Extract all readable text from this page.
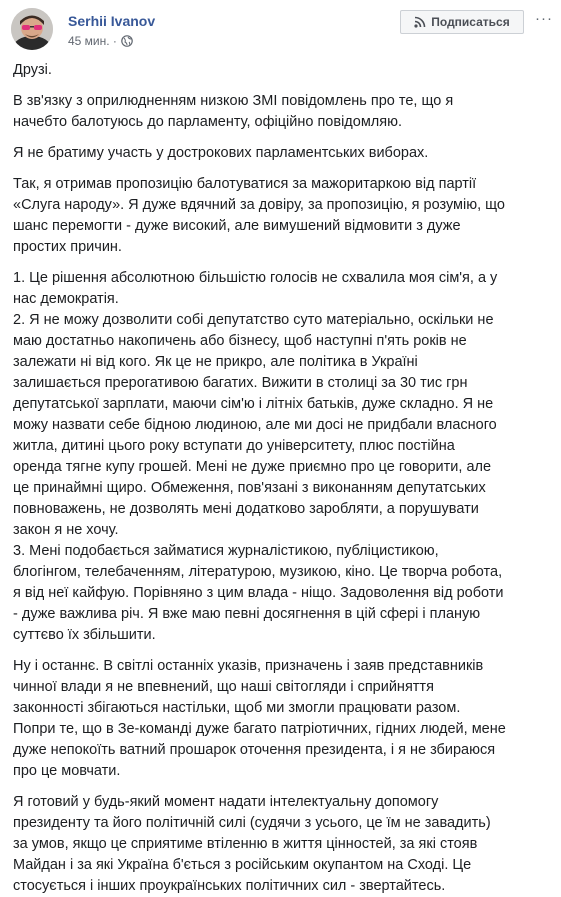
Serhii Ivanov
45 мин. ·
Подписаться ···

Друзі.

В зв'язку з оприлюдненням низкою ЗМІ повідомлень про те, що я

начебто балотуюсь до парламенту, офіційно повідомляю.

Я не братиму участь у дострокових парламентських виборах.

Так, я отримав пропозицію балотуватися за мажоритаркою від партії

«Слуга народу». Я дуже вдячний за довіру, за пропозицію, я розумію, що

шанс перемогти - дуже високий, але вимушений відмовити з дуже

простих причин.

1. Це рішення абсолютною більшістю голосів не схвалила моя сім'я, а у

нас демократія.

2. Я не можу дозволити собі депутатство суто матеріально, оскільки не

маю достатньо накопичень або бізнесу, щоб наступні п'ять років не

залежати ні від кого. Як це не прикро, але політика в Україні

залишається прерогативою багатих. Вижити в столиці за 30 тис грн

депутатської зарплати, маючи сім'ю і літніх батьків, дуже складно. Я не

можу назвати себе бідною людиною, але ми досі не придбали власного

житла, дитині цього року вступати до університету, плюс постійна

оренда тягне купу грошей. Мені не дуже приємно про це говорити, але

це принаймні щиро. Обмеження, пов'язані з виконанням депутатських

повноважень, не дозволять мені додатково заробляти, а порушувати

закон я не хочу.

3. Мені подобається займатися журналістикою, публіцистикою,

блогінгом, телебаченням, літературою, музикою, кіно. Це творча робота,

я від неї кайфую. Порівняно з цим влада - ніщо. Задоволення від роботи

- дуже важлива річ. Я вже маю певні досягнення в цій сфері і планую

суттєво їх збільшити.

Ну і останнє. В світлі останніх указів, призначень і заяв представників

чинної влади я не впевнений, що наші світогляди і сприйняття

законності збігаються настільки, щоб ми змогли працювати разом.

Попри те, що в Зе-команді дуже багато патріотичних, гідних людей, мене

дуже непокоїть ватний прошарок оточення президента, і я не збираюся

про це мовчати.

Я готовий у будь-який момент надати інтелектуальну допомогу

президенту та його політичній силі (судячи з усього, це їм не завадить)

за умов, якщо це сприятиме втіленню в життя цінностей, за які стояв

Майдан і за які Україна б'ється з російським окупантом на Сході. Це

стосується і інших проукраїнських політичних сил - звертайтесь.
